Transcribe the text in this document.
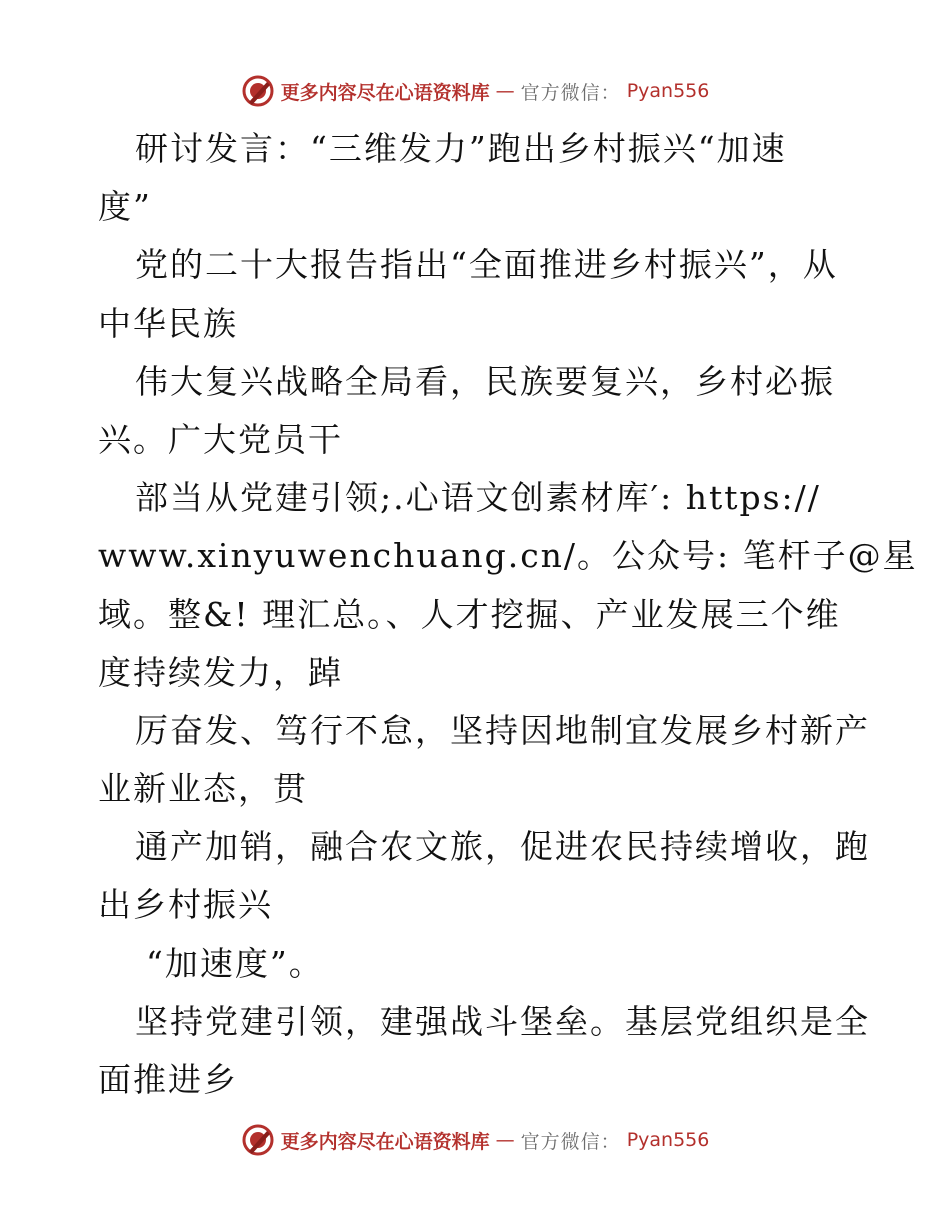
更多内容尽在心语资料库 — 官方微信： Pyan556
研讨发言：“三维发力”跑出乡村振兴“加速
度”
党的二十大报告指出“全面推进乡村振兴”，从
中华民族
伟大复兴战略全局看，民族要复兴，乡村必振
兴。广大党员干
部当从党建引领;.心语文创素材库′: https://
www.xinyuwenchuang.cn/。公众号: 笔杆子@星
域。整&! 理汇总。、人才挖掘、产业发展三个维
度持续发力，踔
厉奋发、笃行不怠，坚持因地制宜发展乡村新产
业新业态，贯
通产加销，融合农文旅，促进农民持续增收，跑
出乡村振兴
“加速度”。
坚持党建引领，建强战斗堡垒。基层党组织是全
面推进乡
更多内容尽在心语资料库 — 官方微信： Pyan556
